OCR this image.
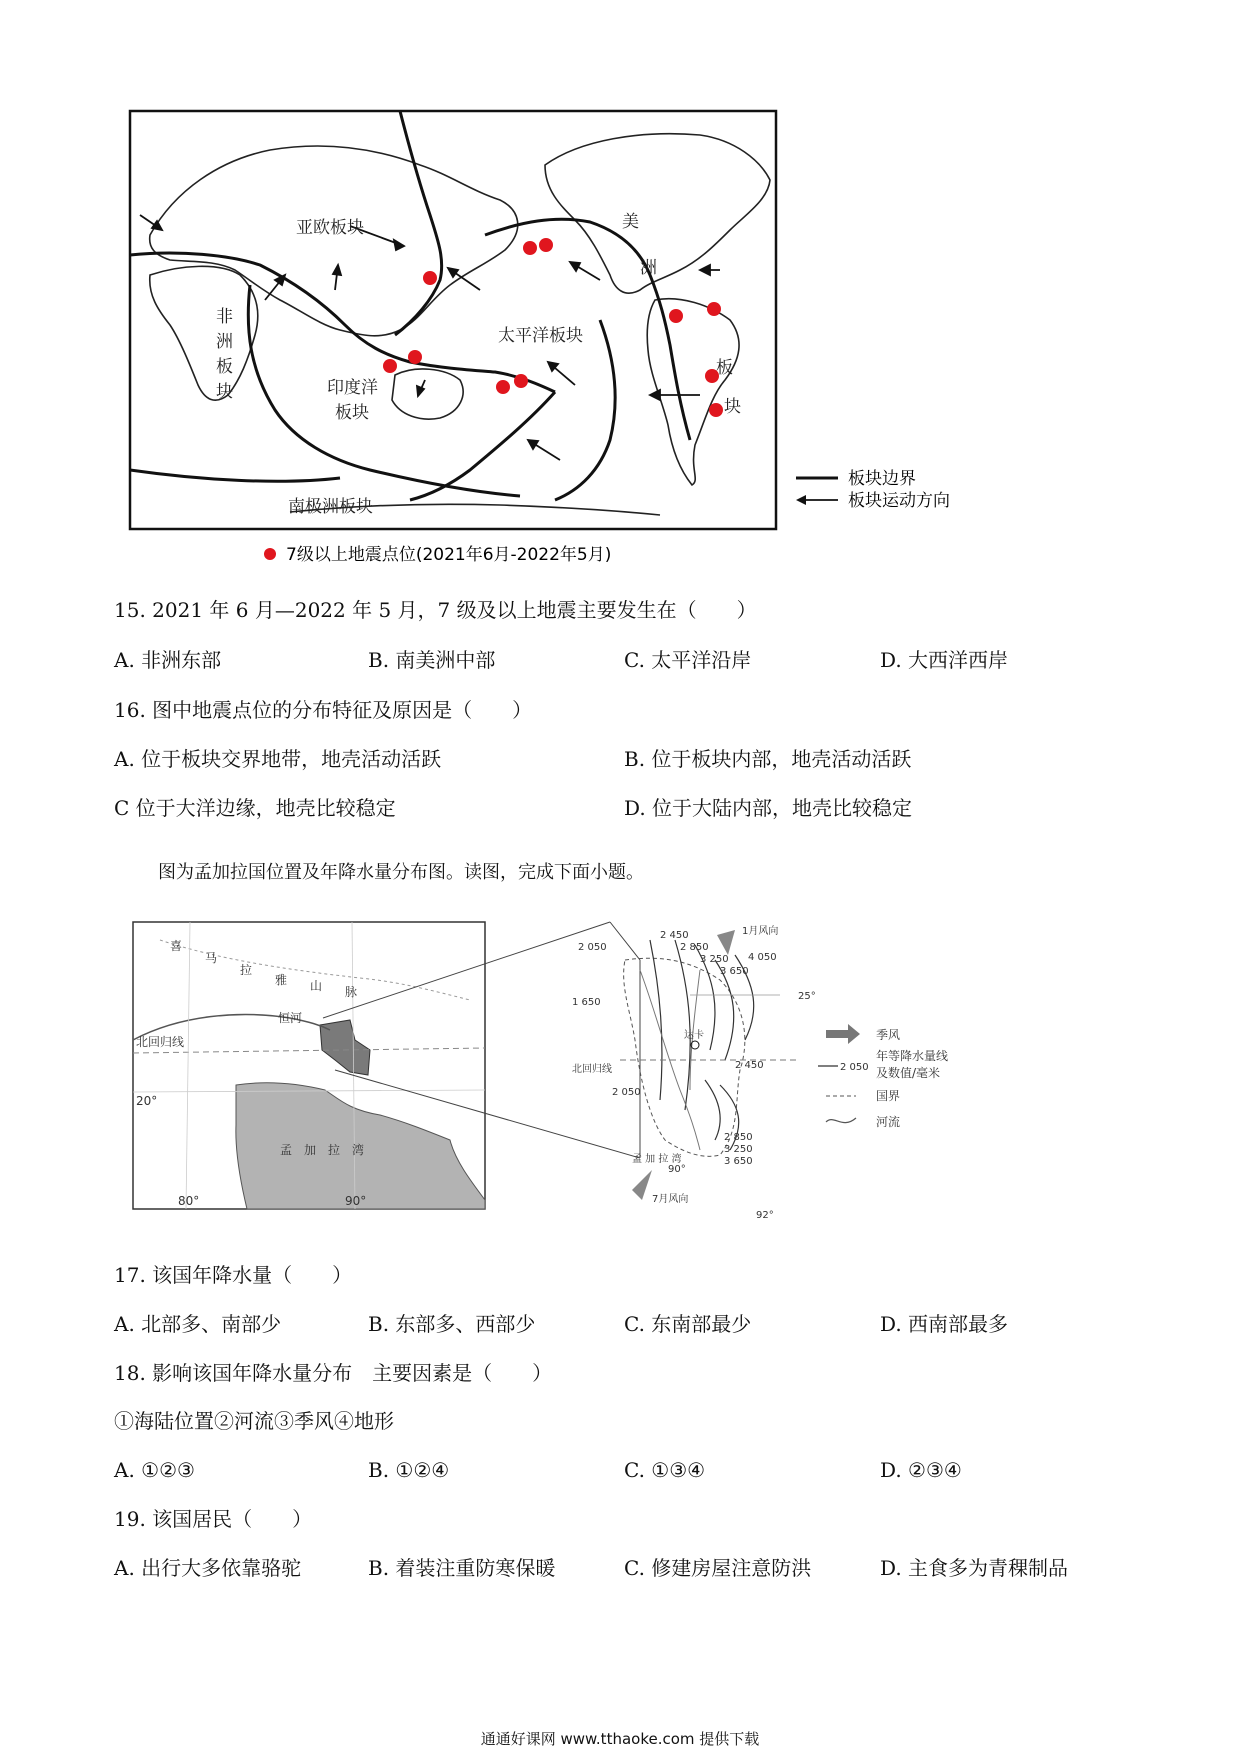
亚欧板块
非
洲
板
块
太平洋板块
印度洋
板块
美
洲
板
块
南极洲板块
板块边界
板块运动方向
7级以上地震点位(2021年6月-2022年5月)
15. 2021 年 6 月—2022 年 5 月，7 级及以上地震主要发生在（　　）
A. 非洲东部	B. 南美洲中部	C. 太平洋沿岸	D. 大西洋西岸
16. 图中地震点位的分布特征及原因是（　　）
A. 位于板块交界地带，地壳活动活跃	B. 位于板块内部，地壳活动活跃
C 位于大洋边缘，地壳比较稳定	D. 位于大陆内部，地壳比较稳定
图为孟加拉国位置及年降水量分布图。读图，完成下面小题。
喜
马
拉
雅 山 脉
恒河
北回归线
20°
80°	90°
孟　加　拉　湾
1月风向
7月风向
达卡
北回归线
25°
90°
92°
孟 加 拉 湾
2 050
2 450
2 850
3 250
3 650
4 050
1 650
2 050
2 450
2 850
3 250
3 650
季风
2 050
年等降水量线
及数值/毫米
国界
河流
17. 该国年降水量（　　）
A. 北部多、南部少	B. 东部多、西部少	C. 东南部最少	D. 西南部最多
18. 影响该国年降水量分布　主要因素是（　　）
①海陆位置②河流③季风④地形
A. ①②③	B. ①②④	C. ①③④	D. ②③④
19. 该国居民（　　）
A. 出行大多依靠骆驼	B. 着装注重防寒保暖	C. 修建房屋注意防洪	D. 主食多为青稞制品
通通好课网 www.tthaoke.com 提供下载
